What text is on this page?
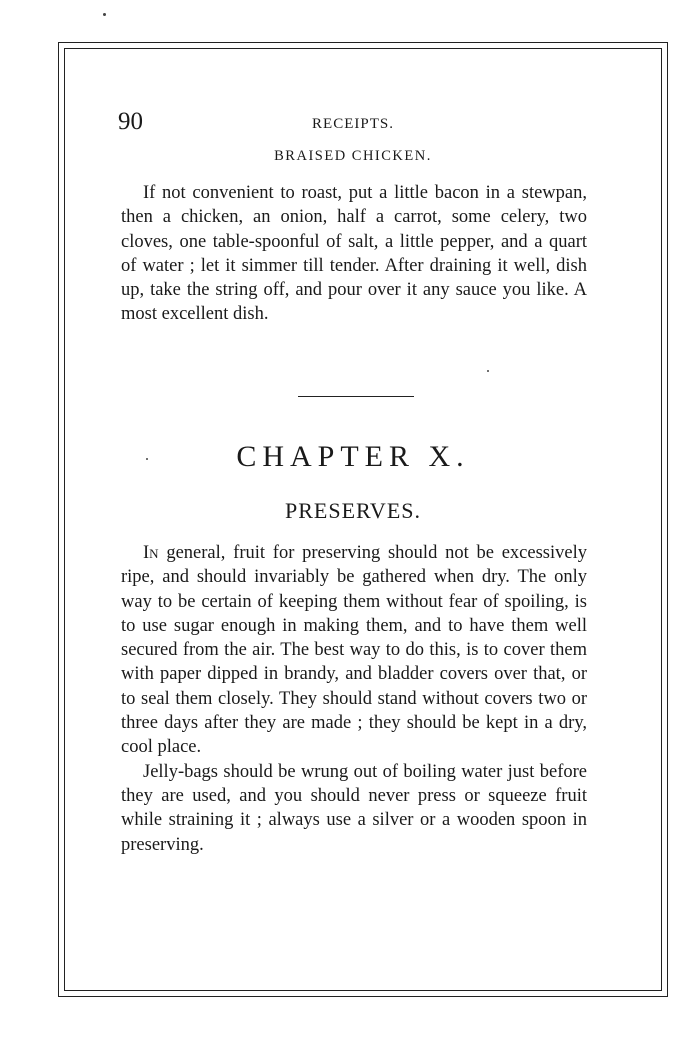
90	RECEIPTS.
BRAISED CHICKEN.

If not convenient to roast, put a little bacon in a stewpan, then a chicken, an onion, half a carrot, some celery, two cloves, one table-spoonful of salt, a little pepper, and a quart of water ; let it simmer till tender. After draining it well, dish up, take the string off, and pour over it any sauce you like. A most excellent dish.

CHAPTER X.
PRESERVES.

In general, fruit for preserving should not be excessively ripe, and should invariably be gathered when dry. The only way to be certain of keeping them without fear of spoiling, is to use sugar enough in making them, and to have them well secured from the air. The best way to do this, is to cover them with paper dipped in brandy, and bladder covers over that, or to seal them closely. They should stand without covers two or three days after they are made ; they should be kept in a dry, cool place.

Jelly-bags should be wrung out of boiling water just before they are used, and you should never press or squeeze fruit while straining it ; always use a silver or a wooden spoon in preserving.
